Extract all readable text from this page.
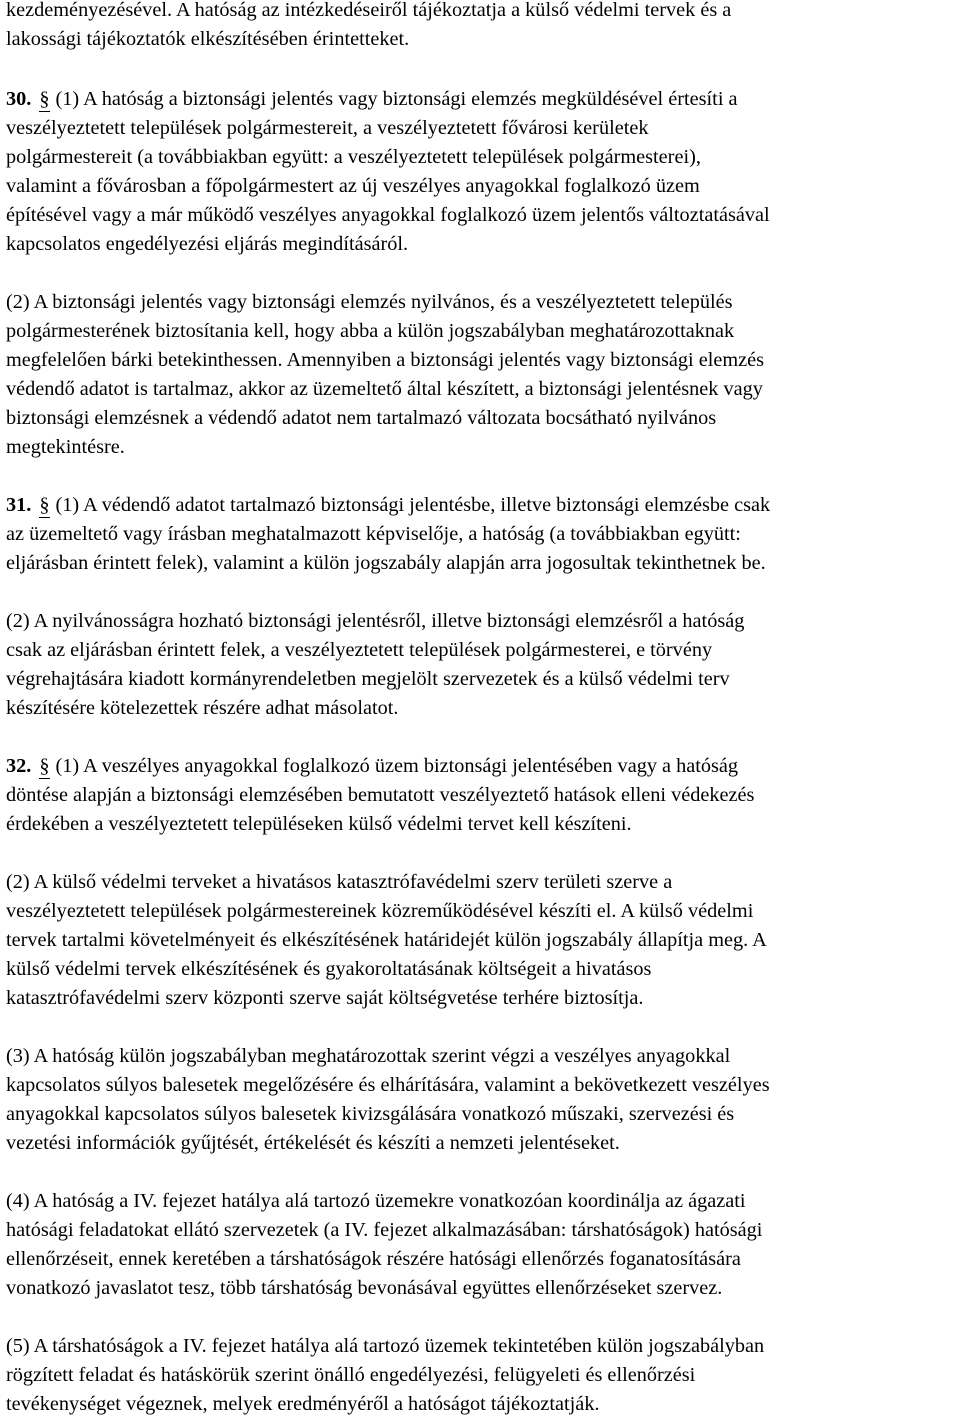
kezdeményezésével. A hatóság az intézkedéseiről tájékoztatja a külső védelmi tervek és a
lakossági tájékoztatók elkészítésében érintetteket.

30. § (1) A hatóság a biztonsági jelentés vagy biztonsági elemzés megküldésével értesíti a
veszélyeztetett települések polgármestereit, a veszélyeztetett fővárosi kerületek
polgármestereit (a továbbiakban együtt: a veszélyeztetett települések polgármesterei),
valamint a fővárosban a főpolgármestert az új veszélyes anyagokkal foglalkozó üzem
építésével vagy a már működő veszélyes anyagokkal foglalkozó üzem jelentős változtatásával
kapcsolatos engedélyezési eljárás megindításáról.

(2) A biztonsági jelentés vagy biztonsági elemzés nyilvános, és a veszélyeztetett település
polgármesterének biztosítania kell, hogy abba a külön jogszabályban meghatározottaknak
megfelelően bárki betekinthessen. Amennyiben a biztonsági jelentés vagy biztonsági elemzés
védendő adatot is tartalmaz, akkor az üzemeltető által készített, a biztonsági jelentésnek vagy
biztonsági elemzésnek a védendő adatot nem tartalmazó változata bocsátható nyilvános
megtekintésre.

31. § (1) A védendő adatot tartalmazó biztonsági jelentésbe, illetve biztonsági elemzésbe csak
az üzemeltető vagy írásban meghatalmazott képviselője, a hatóság (a továbbiakban együtt:
eljárásban érintett felek), valamint a külön jogszabály alapján arra jogosultak tekinthetnek be.

(2) A nyilvánosságra hozható biztonsági jelentésről, illetve biztonsági elemzésről a hatóság
csak az eljárásban érintett felek, a veszélyeztetett települések polgármesterei, e törvény
végrehajtására kiadott kormányrendeletben megjelölt szervezetek és a külső védelmi terv
készítésére kötelezettek részére adhat másolatot.

32. § (1) A veszélyes anyagokkal foglalkozó üzem biztonsági jelentésében vagy a hatóság
döntése alapján a biztonsági elemzésében bemutatott veszélyeztető hatások elleni védekezés
érdekében a veszélyeztetett településeken külső védelmi tervet kell készíteni.

(2) A külső védelmi terveket a hivatásos katasztrófavédelmi szerv területi szerve a
veszélyeztetett települések polgármestereinek közreműködésével készíti el. A külső védelmi
tervek tartalmi követelményeit és elkészítésének határidejét külön jogszabály állapítja meg. A
külső védelmi tervek elkészítésének és gyakoroltatásának költségeit a hivatásos
katasztrófavédelmi szerv központi szerve saját költségvetése terhére biztosítja.

(3) A hatóság külön jogszabályban meghatározottak szerint végzi a veszélyes anyagokkal
kapcsolatos súlyos balesetek megelőzésére és elhárítására, valamint a bekövetkezett veszélyes
anyagokkal kapcsolatos súlyos balesetek kivizsgálására vonatkozó műszaki, szervezési és
vezetési információk gyűjtését, értékelését és készíti a nemzeti jelentéseket.

(4) A hatóság a IV. fejezet hatálya alá tartozó üzemekre vonatkozóan koordinálja az ágazati
hatósági feladatokat ellátó szervezetek (a IV. fejezet alkalmazásában: társhatóságok) hatósági
ellenőrzéseit, ennek keretében a társhatóságok részére hatósági ellenőrzés foganatosítására
vonatkozó javaslatot tesz, több társhatóság bevonásával együttes ellenőrzéseket szervez.

(5) A társhatóságok a IV. fejezet hatálya alá tartozó üzemek tekintetében külön jogszabályban
rögzített feladat és hatáskörük szerint önálló engedélyezési, felügyeleti és ellenőrzési
tevékenységet végeznek, melyek eredményéről a hatóságot tájékoztatják.
